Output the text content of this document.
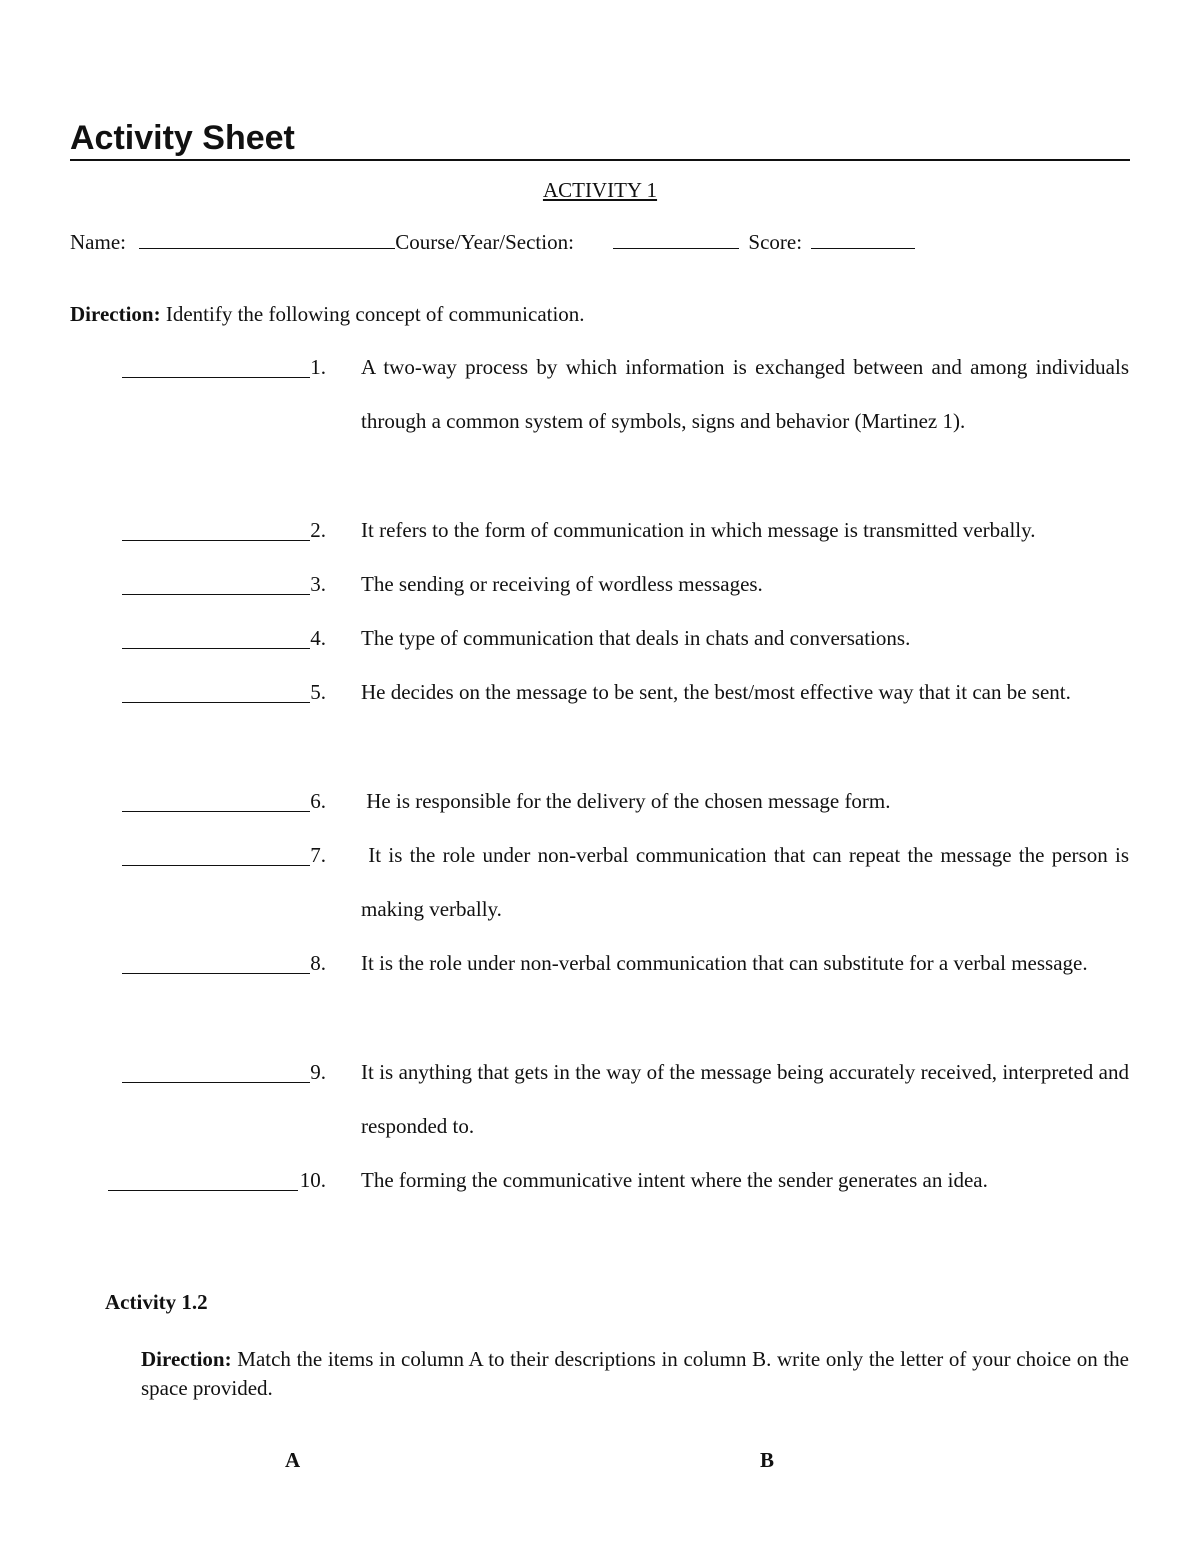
Activity Sheet
ACTIVITY 1
Name:	Course/Year/Section:	Score:
Direction: Identify the following concept of communication.
1. A two-way process by which information is exchanged between and among individuals through a common system of symbols, signs and behavior (Martinez 1).
2. It refers to the form of communication in which message is transmitted verbally.
3. The sending or receiving of wordless messages.
4. The type of communication that deals in chats and conversations.
5. He decides on the message to be sent, the best/most effective way that it can be sent.
6. He is responsible for the delivery of the chosen message form.
7. It is the role under non-verbal communication that can repeat the message the person is making verbally.
8. It is the role under non-verbal communication that can substitute for a verbal message.
9. It is anything that gets in the way of the message being accurately received, interpreted and responded to.
10. The forming the communicative intent where the sender generates an idea.
Activity 1.2
Direction: Match the items in column A to their descriptions in column B. write only the letter of your choice on the space provided.
A	B
